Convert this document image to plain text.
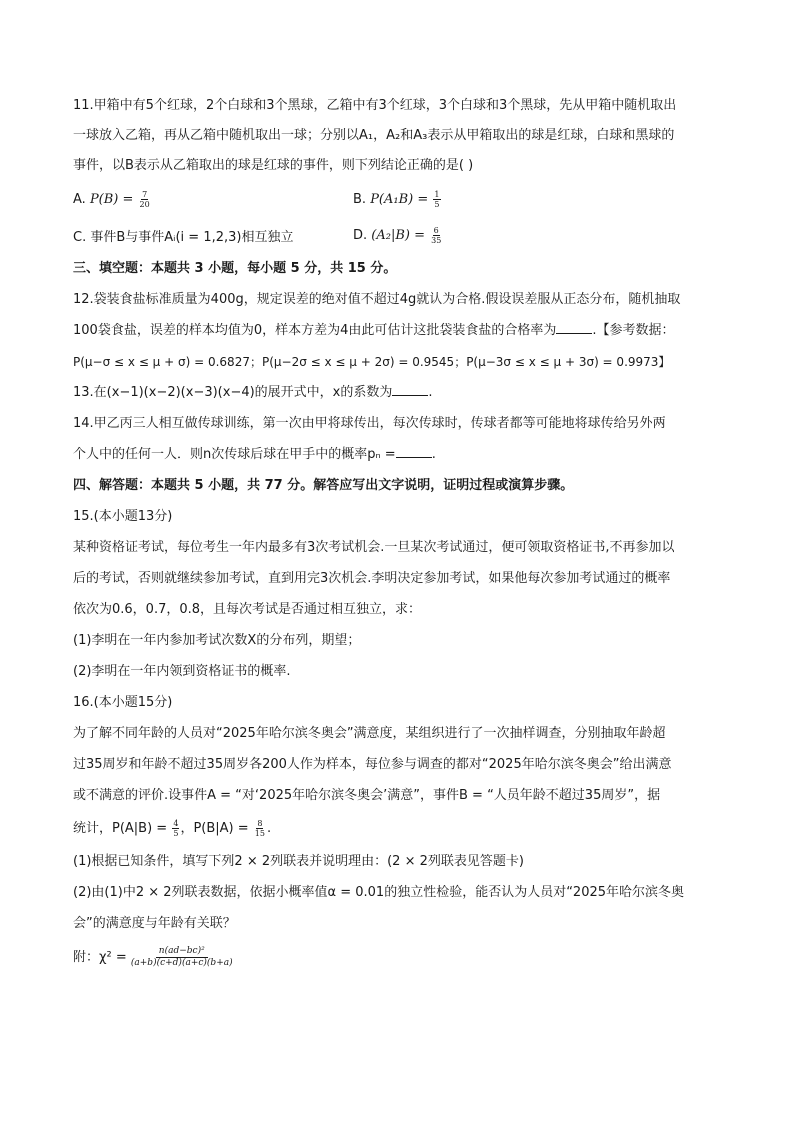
11.甲箱中有5个红球，2个白球和3个黑球，乙箱中有3个红球，3个白球和3个黑球，先从甲箱中随机取出
一球放入乙箱，再从乙箱中随机取出一球；分别以A₁，A₂和A₃表示从甲箱取出的球是红球，白球和黑球的
事件，以B表示从乙箱取出的球是红球的事件，则下列结论正确的是( )
A. $P(B) = \frac{7}{20}$	B. $P(A_1B) = \frac{1}{5}$
C. 事件B与事件Aᵢ(i = 1,2,3)相互独立	D. $(A_2|B) = \frac{6}{35}$
三、填空题：本题共 3 小题，每小题 5 分，共 15 分。
12.袋装食盐标准质量为400g，规定误差的绝对值不超过4g就认为合格.假设误差服从正态分布，随机抽取
100袋食盐，误差的样本均值为0，样本方差为4由此可估计这批袋装食盐的合格率为	.【参考数据：
P(μ−σ ≤ x ≤ μ + σ) = 0.6827；P(μ−2σ ≤ x ≤ μ + 2σ) = 0.9545；P(μ−3σ ≤ x ≤ μ + 3σ) = 0.9973】
13.在(x−1)(x−2)(x−3)(x−4)的展开式中，x的系数为	.
14.甲乙丙三人相互做传球训练，第一次由甲将球传出，每次传球时，传球者都等可能地将球传给另外两
个人中的任何一人．则n次传球后球在甲手中的概率pₙ =	.
四、解答题：本题共 5 小题，共 77 分。解答应写出文字说明，证明过程或演算步骤。
15.(本小题13分)
某种资格证考试，每位考生一年内最多有3次考试机会.一旦某次考试通过，便可领取资格证书,不再参加以
后的考试，否则就继续参加考试，直到用完3次机会.李明决定参加考试，如果他每次参加考试通过的概率
依次为0.6，0.7，0.8，且每次考试是否通过相互独立，求：
(1)李明在一年内参加考试次数X的分布列，期望；
(2)李明在一年内领到资格证书的概率.
16.(本小题15分)
为了解不同年龄的人员对“2025年哈尔滨冬奥会”满意度，某组织进行了一次抽样调查，分别抽取年龄超
过35周岁和年龄不超过35周岁各200人作为样本，每位参与调查的都对“2025年哈尔滨冬奥会”给出满意
或不满意的评价.设事件A = “对‘2025年哈尔滨冬奥会’满意”，事件B = “人员年龄不超过35周岁”，据
统计，$P(A|B) = \frac{4}{5}$ ，$P(B|A) = \frac{8}{15}$ .
(1)根据已知条件，填写下列2 × 2列联表并说明理由：(2 × 2列联表见答题卡)
(2)由(1)中2 × 2列联表数据，依据小概率值α = 0.01的独立性检验，能否认为人员对“2025年哈尔滨冬奥
会”的满意度与年龄有关联？
附：$\chi^2 = \frac{\text{n(ad−bc)²}}{(a+b)(c+d)(a+c)(b+a)}$
